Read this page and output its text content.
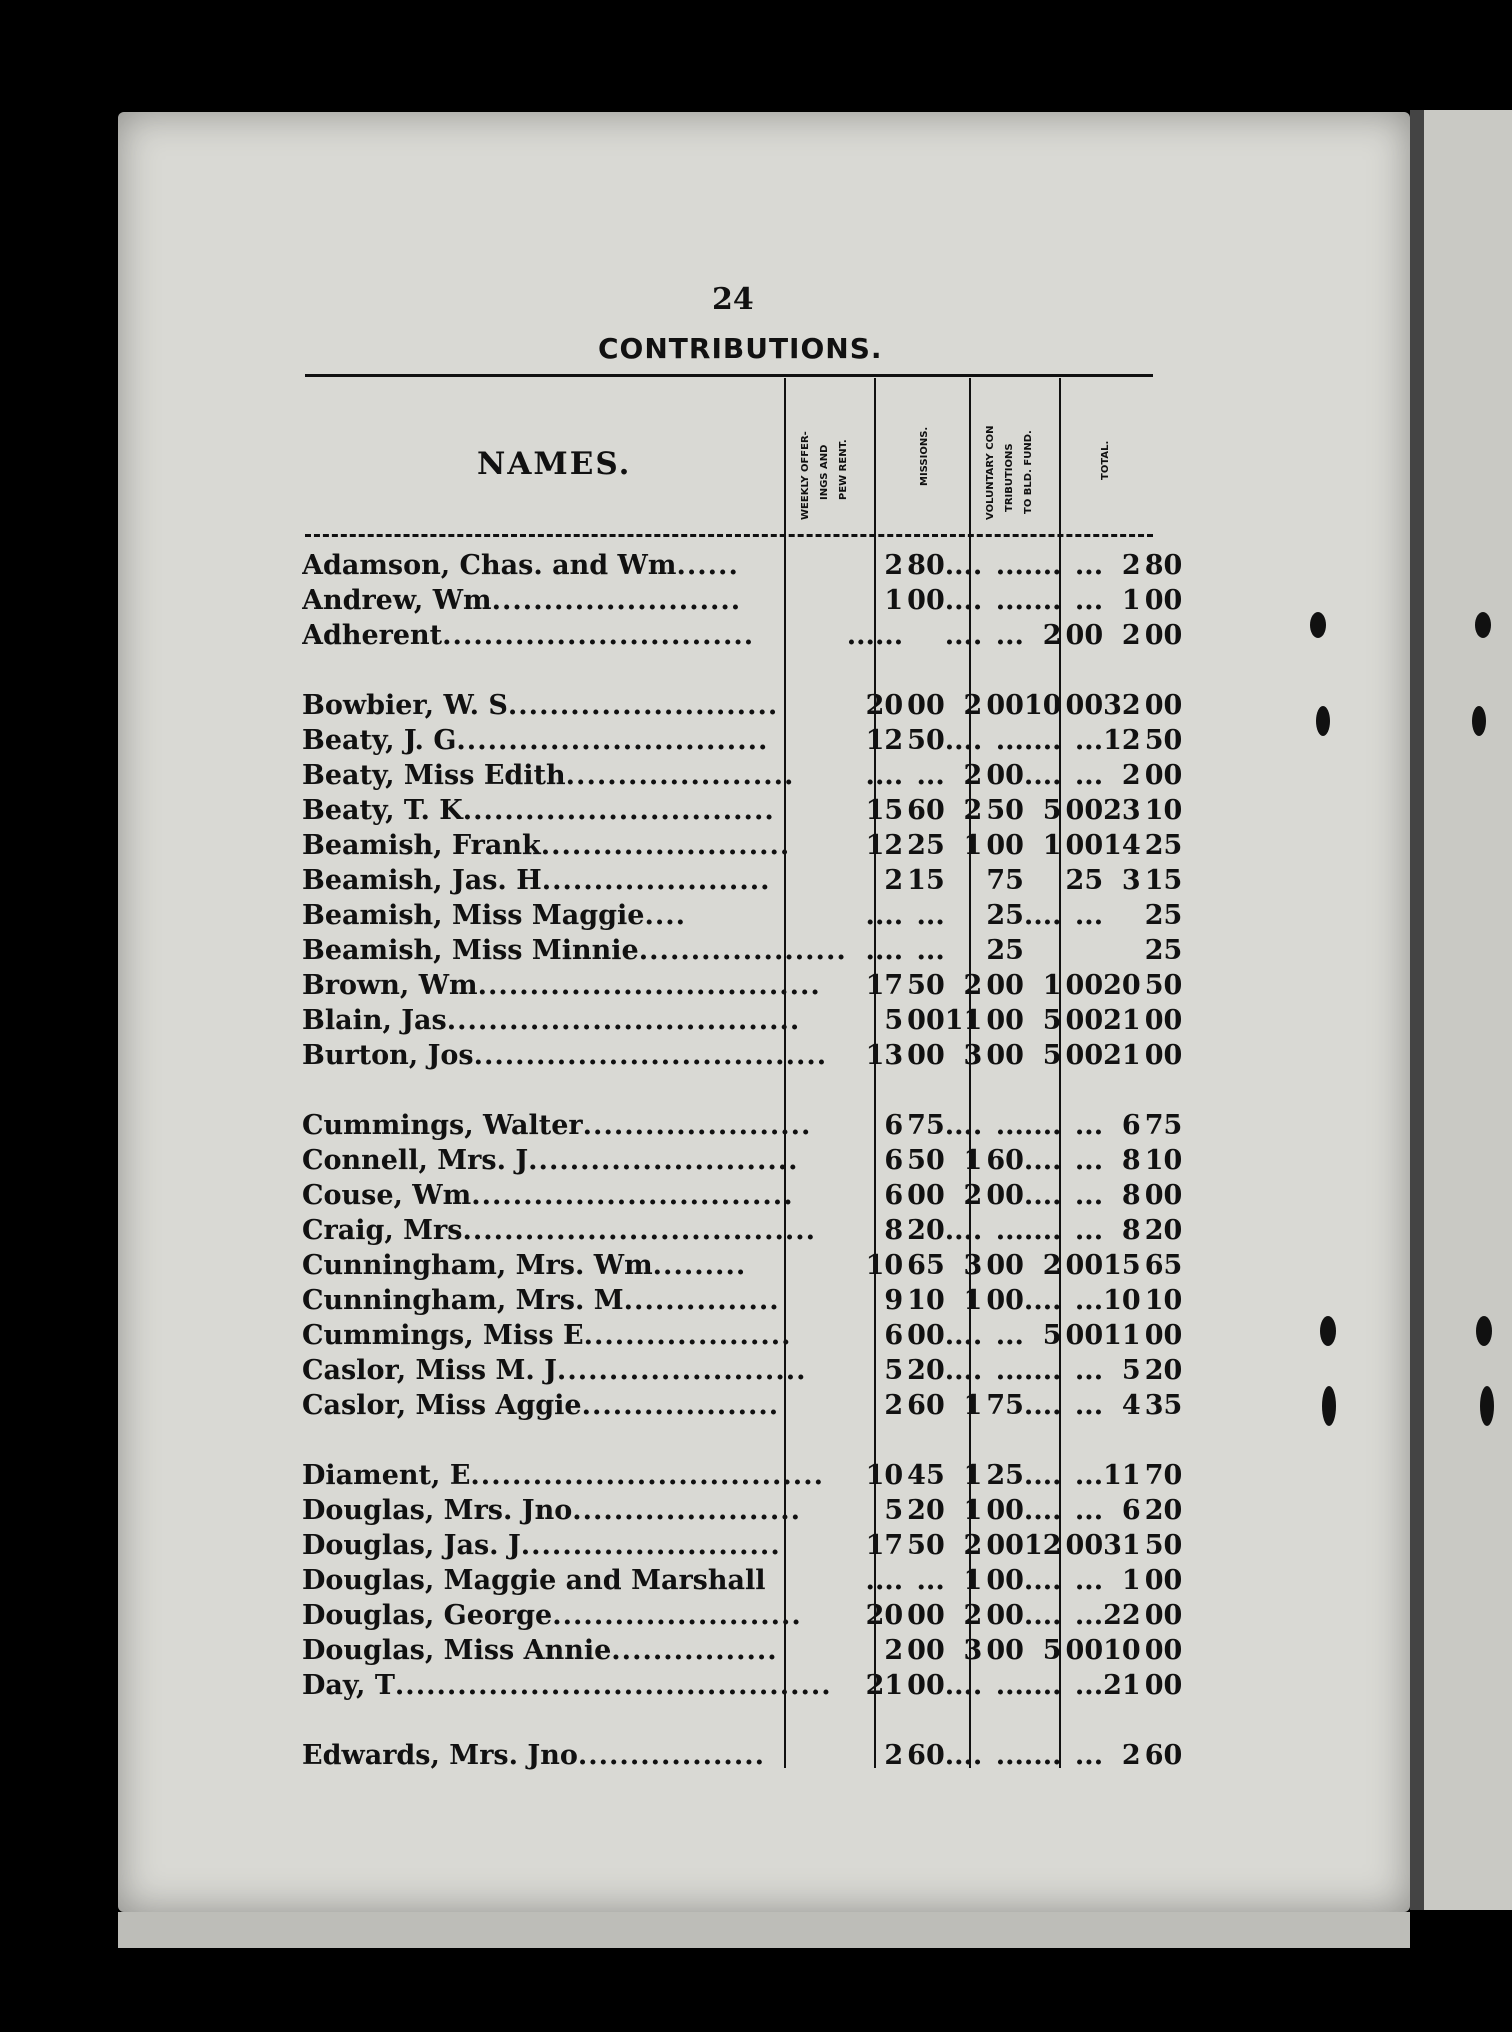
24
CONTRIBUTIONS.
NAMES.	WEEKLY OFFER- INGS AND PEW RENT.	MISSIONS.	VOLUNTARY CON TRIBUTIONS TO BLD. FUND.	TOTAL.
Adamson, Chas. and Wm......	2	80	....	...	....	...	2	80
Andrew, Wm........................	1	00	....	...	....	...	1	00
Adherent..............................	......		....	...	2	00	2	00

Bowbier, W. S..........................	20	00	2	00	10	00	32	00
Beaty, J. G..............................	12	50	....	...	....	...	12	50
Beaty, Miss Edith......................	....	...	2	00	....	...	2	00
Beaty, T. K..............................	15	60	2	50	5	00	23	10
Beamish, Frank........................	12	25	1	00	1	00	14	25
Beamish, Jas. H......................	2	15		75		25	3	15
Beamish, Miss Maggie....	....	...		25	....	...		25
Beamish, Miss Minnie....................	....	...		25				25
Brown, Wm.................................	17	50	2	00	1	00	20	50
Blain, Jas..................................	5	00	11	00	5	00	21	00
Burton, Jos..................................	13	00	3	00	5	00	21	00

Cummings, Walter......................	6	75	....	...	....	...	6	75
Connell, Mrs. J..........................	6	50	1	60	....	...	8	10
Couse, Wm...............................	6	00	2	00	....	...	8	00
Craig, Mrs..................................	8	20	....	...	....	...	8	20
Cunningham, Mrs. Wm.........	10	65	3	00	2	00	15	65
Cunningham, Mrs. M...............	9	10	1	00	....	...	10	10
Cummings, Miss E....................	6	00	....	...	5	00	11	00
Caslor, Miss M. J........................	5	20	....	...	....	...	5	20
Caslor, Miss Aggie...................	2	60	1	75	....	...	4	35

Diament, E..................................	10	45	1	25	....	...	11	70
Douglas, Mrs. Jno......................	5	20	1	00	....	...	6	20
Douglas, Jas. J.........................	17	50	2	00	12	00	31	50
Douglas, Maggie and Marshall	....	...	1	00	....	...	1	00
Douglas, George........................	20	00	2	00	....	...	22	00
Douglas, Miss Annie................	2	00	3	00	5	00	10	00
Day, T..........................................	21	00	....	...	....	...	21	00

Edwards, Mrs. Jno..................	2	60	....	...	....	...	2	60
